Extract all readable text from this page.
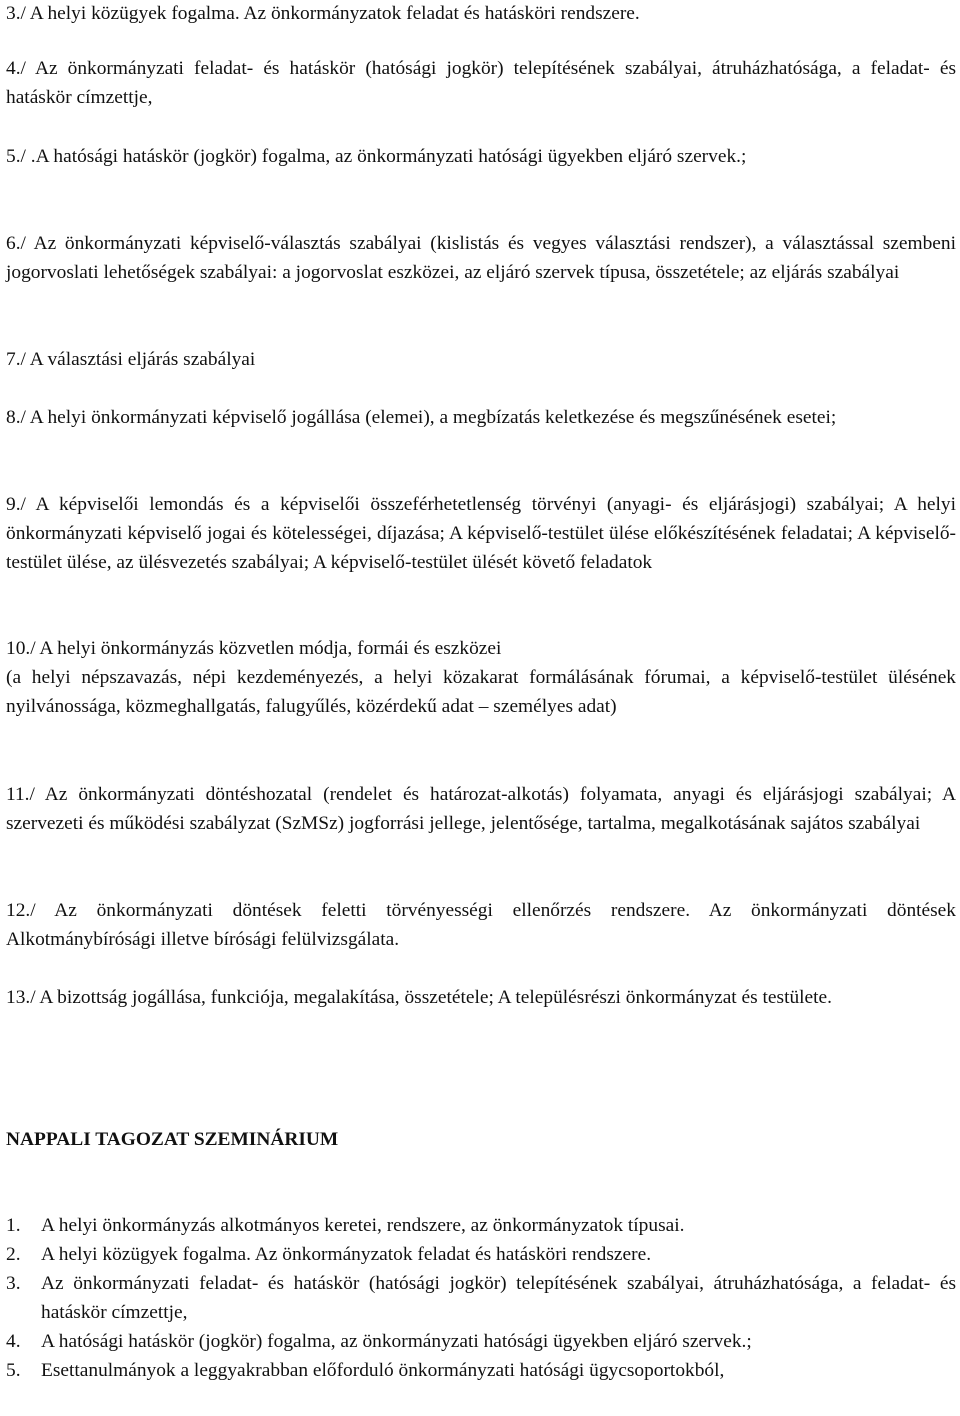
3./ A helyi közügyek fogalma. Az önkormányzatok feladat és hatásköri rendszere.

4./ Az önkormányzati feladat- és hatáskör (hatósági jogkör) telepítésének szabályai, átruházhatósága, a feladat- és hatáskör címzettje,

5./ .A hatósági hatáskör (jogkör) fogalma, az önkormányzati hatósági ügyekben eljáró szervek.;

6./ Az önkormányzati képviselő-választás szabályai (kislistás és vegyes választási rendszer), a választással szembeni jogorvoslati lehetőségek szabályai: a jogorvoslat eszközei, az eljáró szervek típusa, összetétele; az eljárás szabályai

7./ A választási eljárás szabályai

8./ A helyi önkormányzati képviselő jogállása (elemei), a megbízatás keletkezése és megszűnésének esetei;

9./ A képviselői lemondás és a képviselői összeférhetetlenség törvényi (anyagi- és eljárásjogi) szabályai; A helyi önkormányzati képviselő jogai és kötelességei, díjazása; A képviselő-testület ülése előkészítésének feladatai; A képviselő-testület ülése, az ülésvezetés szabályai; A képviselő-testület ülését követő feladatok

10./ A helyi önkormányzás közvetlen módja, formái és eszközei

(a helyi népszavazás, népi kezdeményezés, a helyi közakarat formálásának fórumai, a képviselő-testület ülésének nyilvánossága, közmeghallgatás, falugyűlés, közérdekű adat – személyes adat)

11./ Az önkormányzati döntéshozatal (rendelet és határozat-alkotás) folyamata, anyagi és eljárásjogi szabályai; A szervezeti és működési szabályzat (SzMSz) jogforrási jellege, jelentősége, tartalma, megalkotásának sajátos szabályai

12./ Az önkormányzati döntések feletti törvényességi ellenőrzés rendszere. Az önkormányzati döntések Alkotmánybírósági illetve bírósági felülvizsgálata.

13./ A bizottság jogállása, funkciója, megalakítása, összetétele; A településrészi önkormányzat és testülete.

NAPPALI TAGOZAT SZEMINÁRIUM

1.	A helyi önkormányzás alkotmányos keretei, rendszere, az önkormányzatok típusai.
2.	A helyi közügyek fogalma. Az önkormányzatok feladat és hatásköri rendszere.
3.	Az önkormányzati feladat- és hatáskör (hatósági jogkör) telepítésének szabályai, átruházhatósága, a feladat- és hatáskör címzettje,
4.	A hatósági hatáskör (jogkör) fogalma, az önkormányzati hatósági ügyekben eljáró szervek.;
5.	Esettanulmányok a leggyakrabban előforduló önkormányzati hatósági ügycsoportokból,
